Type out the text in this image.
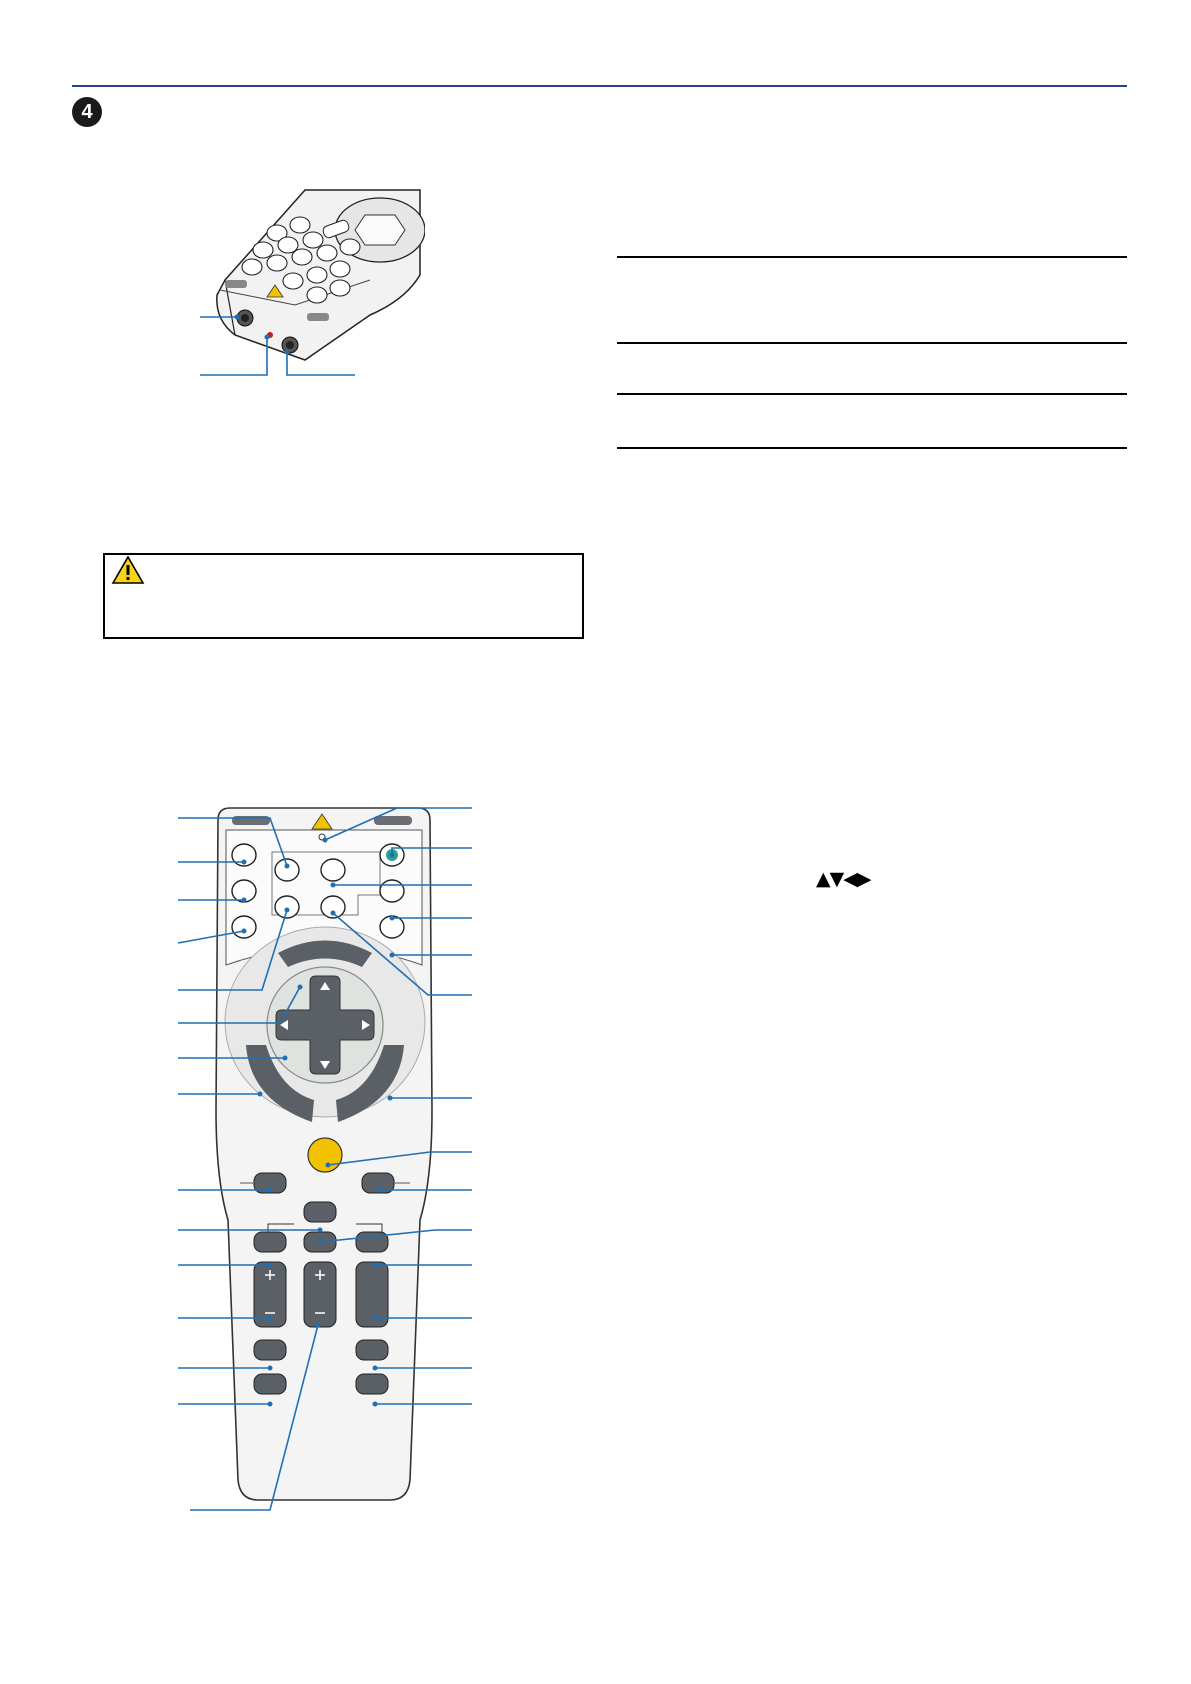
4
▲▼◀▶
